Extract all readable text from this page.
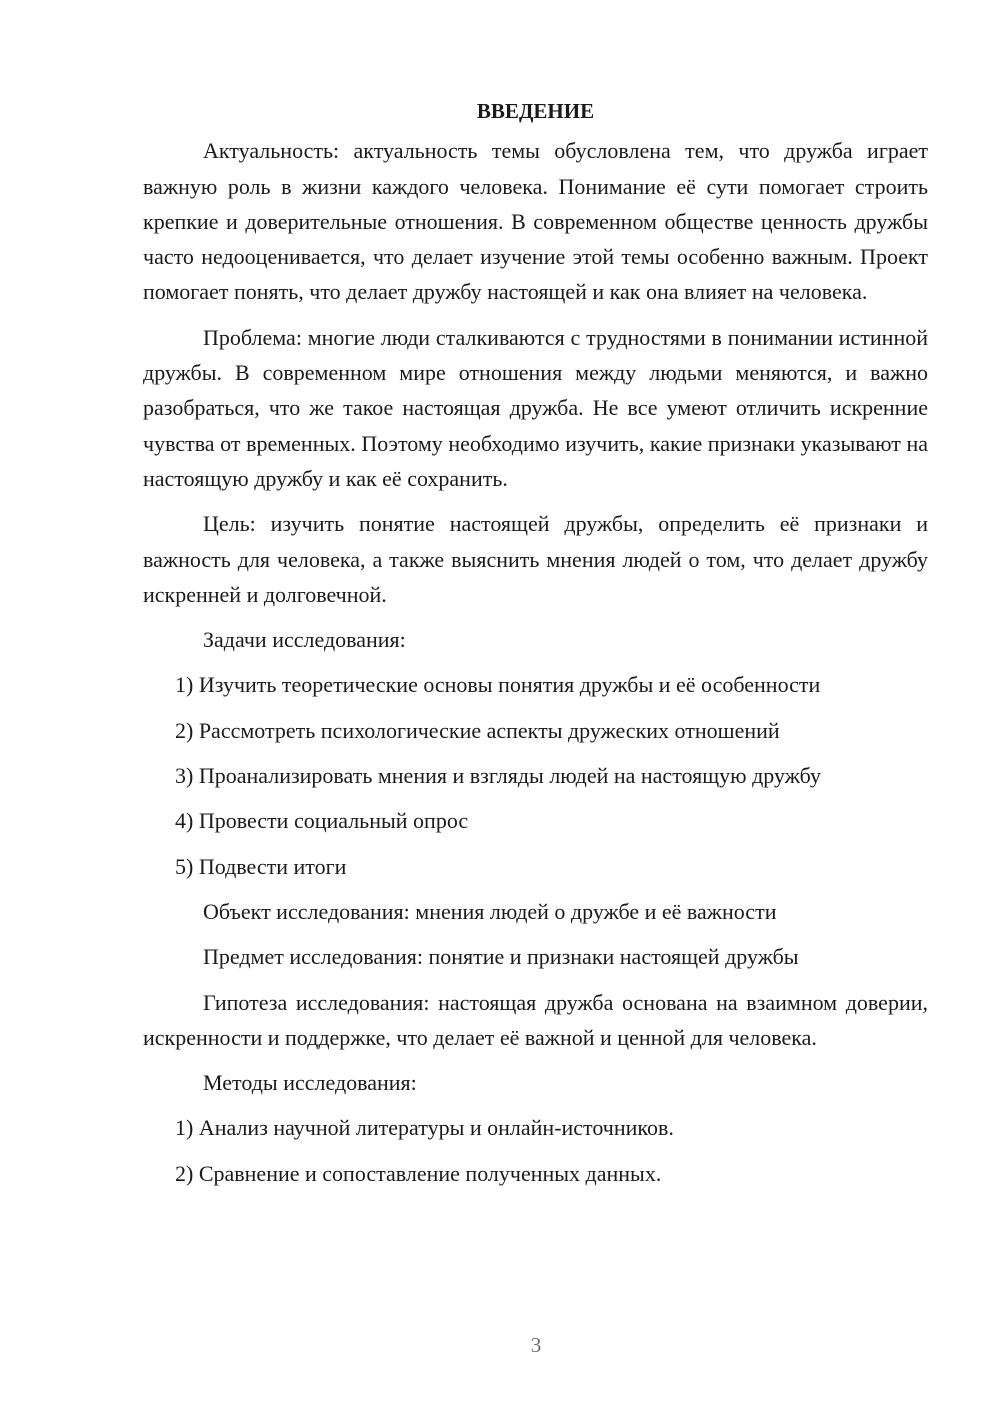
ВВЕДЕНИЕ

Актуальность: актуальность темы обусловлена тем, что дружба играет важную роль в жизни каждого человека. Понимание её сути помогает строить крепкие и доверительные отношения. В современном обществе ценность дружбы часто недооценивается, что делает изучение этой темы особенно важным. Проект помогает понять, что делает дружбу настоящей и как она влияет на человека.

Проблема: многие люди сталкиваются с трудностями в понимании истинной дружбы. В современном мире отношения между людьми меняются, и важно разобраться, что же такое настоящая дружба. Не все умеют отличить искренние чувства от временных. Поэтому необходимо изучить, какие признаки указывают на настоящую дружбу и как её сохранить.

Цель: изучить понятие настоящей дружбы, определить её признаки и важность для человека, а также выяснить мнения людей о том, что делает дружбу искренней и долговечной.

Задачи исследования:

1) Изучить теоретические основы понятия дружбы и её особенности

2) Рассмотреть психологические аспекты дружеских отношений

3) Проанализировать мнения и взгляды людей на настоящую дружбу

4) Провести социальный опрос

5) Подвести итоги

Объект исследования: мнения людей о дружбе и её важности

Предмет исследования: понятие и признаки настоящей дружбы

Гипотеза исследования: настоящая дружба основана на взаимном доверии, искренности и поддержке, что делает её важной и ценной для человека.

Методы исследования:

1) Анализ научной литературы и онлайн-источников.

2) Сравнение и сопоставление полученных данных.

3
